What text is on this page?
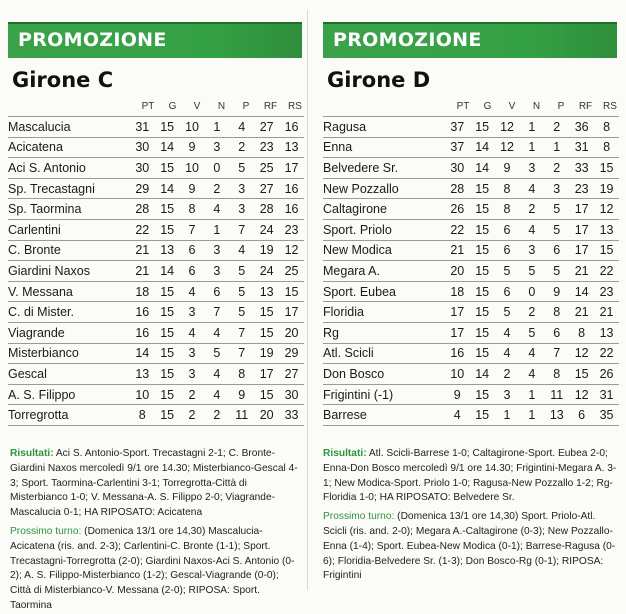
PROMOZIONE
Girone C
PT	G	V	N	P	RF	RS
Mascalucia	31	15	10	1	4	27	16
Acicatena	30	14	9	3	2	23	13
Aci S. Antonio	30	15	10	0	5	25	17
Sp. Trecastagni	29	14	9	2	3	27	16
Sp. Taormina	28	15	8	4	3	28	16
Carlentini	22	15	7	1	7	24	23
C. Bronte	21	13	6	3	4	19	12
Giardini Naxos	21	14	6	3	5	24	25
V. Messana	18	15	4	6	5	13	15
C. di Mister.	16	15	3	7	5	15	17
Viagrande	16	15	4	4	7	15	20
Misterbianco	14	15	3	5	7	19	29
Gescal	13	15	3	4	8	17	27
A. S. Filippo	10	15	2	4	9	15	30
Torregrotta	8	15	2	2	11	20	33

Risultati: Aci S. Antonio-Sport. Trecastagni 2-1; C. Bronte-Giardini Naxos mercoledì 9/1 ore 14.30; Misterbianco-Gescal 4-3; Sport. Taormina-Carlentini 3-1; Torregrotta-Città di Misterbianco 1-0; V. Messana-A. S. Filippo 2-0; Viagrande-Mascalucia 0-1; HA RIPOSATO: Acicatena

Prossimo turno: (Domenica 13/1 ore 14,30) Mascalucia-Acicatena (ris. and. 2-3); Carlentini-C. Bronte (1-1); Sport. Trecastagni-Torregrotta (2-0); Giardini Naxos-Aci S. Antonio (0-2); A. S. Filippo-Misterbianco (1-2); Gescal-Viagrande (0-0); Città di Misterbianco-V. Messana (2-0); RIPOSA: Sport. Taormina

PROMOZIONE
Girone D
PT	G	V	N	P	RF	RS
Ragusa	37	15	12	1	2	36	8
Enna	37	14	12	1	1	31	8
Belvedere Sr.	30	14	9	3	2	33	15
New Pozzallo	28	15	8	4	3	23	19
Caltagirone	26	15	8	2	5	17	12
Sport. Priolo	22	15	6	4	5	17	13
New Modica	21	15	6	3	6	17	15
Megara A.	20	15	5	5	5	21	22
Sport. Eubea	18	15	6	0	9	14	23
Floridia	17	15	5	2	8	21	21
Rg	17	15	4	5	6	8	13
Atl. Scicli	16	15	4	4	7	12	22
Don Bosco	10	14	2	4	8	15	26
Frigintini (-1)	9	15	3	1	11	12	31
Barrese	4	15	1	1	13	6	35

Risultati: Atl. Scicli-Barrese 1-0; Caltagirone-Sport. Eubea 2-0; Enna-Don Bosco mercoledì 9/1 ore 14.30; Frigintini-Megara A. 3-1; New Modica-Sport. Priolo 1-0; Ragusa-New Pozzallo 1-2; Rg-Floridia 1-0; HA RIPOSATO: Belvedere Sr.

Prossimo turno: (Domenica 13/1 ore 14,30) Sport. Priolo-Atl. Scicli (ris. and. 2-0); Megara A.-Caltagirone (0-3); New Pozzallo-Enna (1-4); Sport. Eubea-New Modica (0-1); Barrese-Ragusa (0-6); Floridia-Belvedere Sr. (1-3); Don Bosco-Rg (0-1); RIPOSA: Frigintini
